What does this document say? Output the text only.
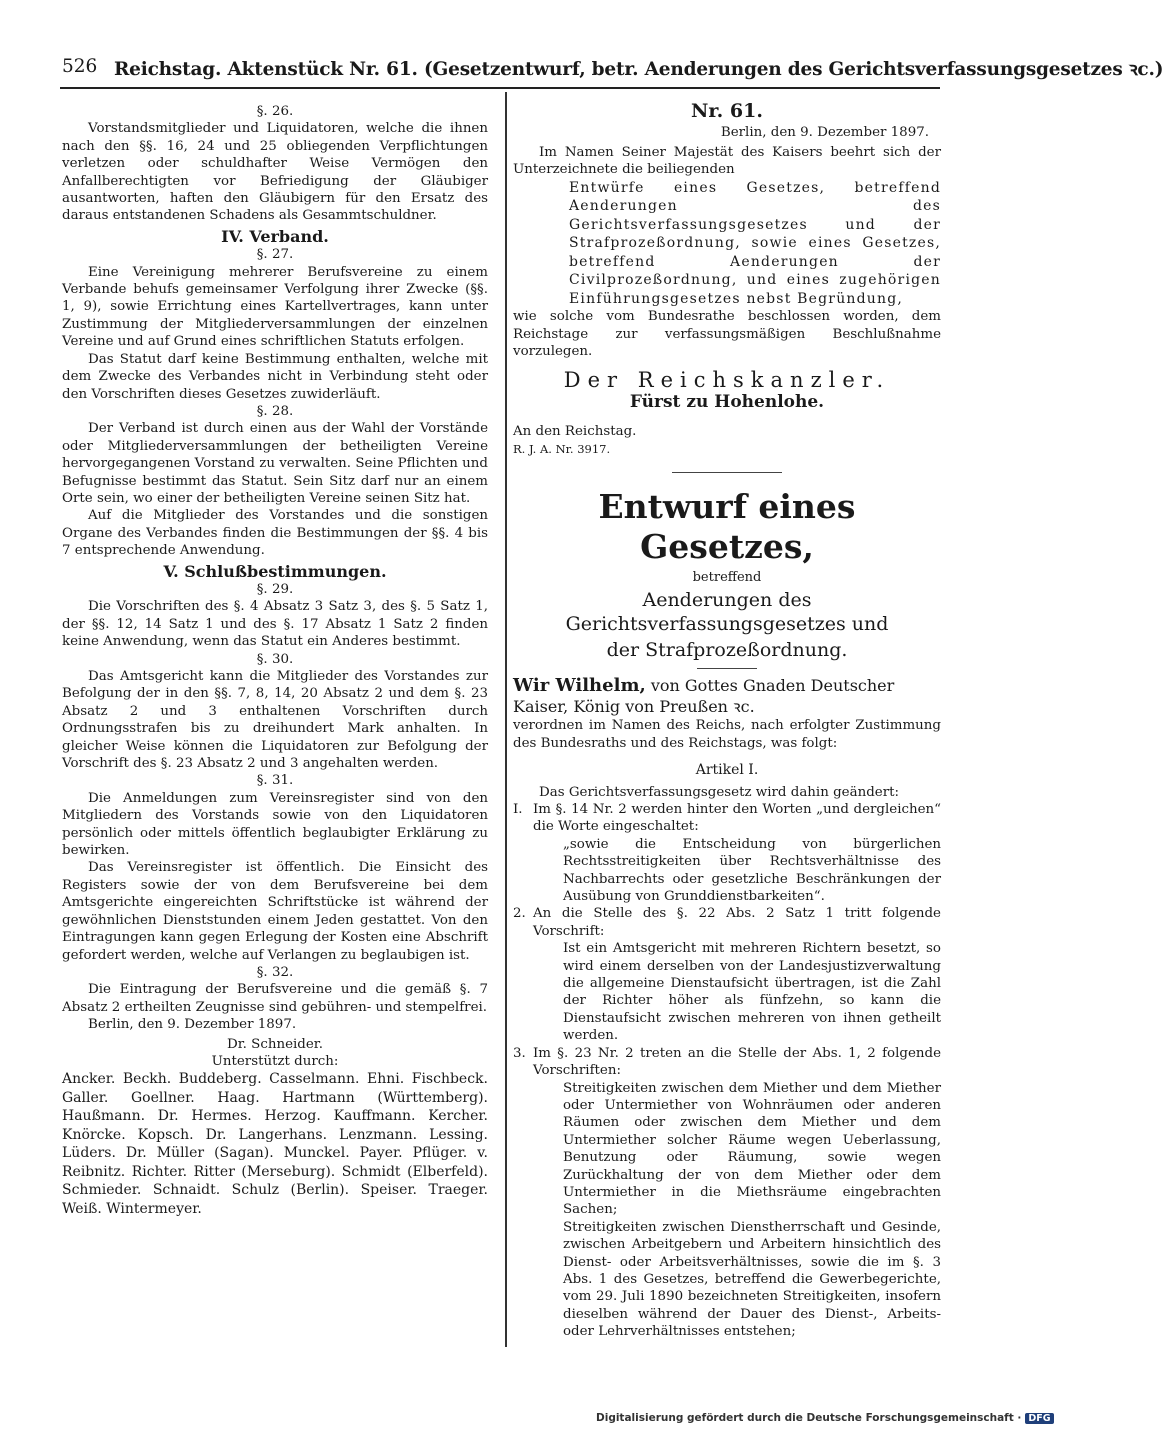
526 Reichstag. Aktenstück Nr. 61. (Gesetzentwurf, betr. Aenderungen des Gerichtsverfassungsgesetzes ꝛc.)

§. 26.

Vorstandsmitglieder und Liquidatoren, welche die ihnen nach den §§. 16, 24 und 25 obliegenden Verpflichtungen verletzen oder schuldhafter Weise Vermögen den Anfallberechtigten vor Befriedigung der Gläubiger ausantworten, haften den Gläubigern für den Ersatz des daraus entstandenen Schadens als Gesammtschuldner.

IV. Verband.

§. 27.

Eine Vereinigung mehrerer Berufsvereine zu einem Verbande behufs gemeinsamer Verfolgung ihrer Zwecke (§§. 1, 9), sowie Errichtung eines Kartellvertrages, kann unter Zustimmung der Mitgliederversammlungen der einzelnen Vereine und auf Grund eines schriftlichen Statuts erfolgen.

Das Statut darf keine Bestimmung enthalten, welche mit dem Zwecke des Verbandes nicht in Verbindung steht oder den Vorschriften dieses Gesetzes zuwiderläuft.

§. 28.

Der Verband ist durch einen aus der Wahl der Vorstände oder Mitgliederversammlungen der betheiligten Vereine hervorgegangenen Vorstand zu verwalten. Seine Pflichten und Befugnisse bestimmt das Statut. Sein Sitz darf nur an einem Orte sein, wo einer der betheiligten Vereine seinen Sitz hat.

Auf die Mitglieder des Vorstandes und die sonstigen Organe des Verbandes finden die Bestimmungen der §§. 4 bis 7 entsprechende Anwendung.

V. Schlußbestimmungen.

§. 29.

Die Vorschriften des §. 4 Absatz 3 Satz 3, des §. 5 Satz 1, der §§. 12, 14 Satz 1 und des §. 17 Absatz 1 Satz 2 finden keine Anwendung, wenn das Statut ein Anderes bestimmt.

§. 30.

Das Amtsgericht kann die Mitglieder des Vorstandes zur Befolgung der in den §§. 7, 8, 14, 20 Absatz 2 und dem §. 23 Absatz 2 und 3 enthaltenen Vorschriften durch Ordnungsstrafen bis zu dreihundert Mark anhalten. In gleicher Weise können die Liquidatoren zur Befolgung der Vorschrift des §. 23 Absatz 2 und 3 angehalten werden.

§. 31.

Die Anmeldungen zum Vereinsregister sind von den Mitgliedern des Vorstands sowie von den Liquidatoren persönlich oder mittels öffentlich beglaubigter Erklärung zu bewirken.

Das Vereinsregister ist öffentlich. Die Einsicht des Registers sowie der von dem Berufsvereine bei dem Amtsgerichte eingereichten Schriftstücke ist während der gewöhnlichen Dienststunden einem Jeden gestattet. Von den Eintragungen kann gegen Erlegung der Kosten eine Abschrift gefordert werden, welche auf Verlangen zu beglaubigen ist.

§. 32.

Die Eintragung der Berufsvereine und die gemäß §. 7 Absatz 2 ertheilten Zeugnisse sind gebühren- und stempelfrei.

Berlin, den 9. Dezember 1897.

Dr. Schneider.

Unterstützt durch:

Ancker. Beckh. Buddeberg. Casselmann. Ehni. Fischbeck. Galler. Goellner. Haag. Hartmann (Württemberg). Haußmann. Dr. Hermes. Herzog. Kauffmann. Kercher. Knörcke. Kopsch. Dr. Langerhans. Lenzmann. Lessing. Lüders. Dr. Müller (Sagan). Munckel. Payer. Pflüger. v. Reibnitz. Richter. Ritter (Merseburg). Schmidt (Elberfeld). Schmieder. Schnaidt. Schulz (Berlin). Speiser. Traeger. Weiß. Wintermeyer.

Nr. 61.

Berlin, den 9. Dezember 1897.

Im Namen Seiner Majestät des Kaisers beehrt sich der Unterzeichnete die beiliegenden

Entwürfe eines Gesetzes, betreffend Aenderungen des Gerichtsverfassungsgesetzes und der Strafprozeßordnung, sowie eines Gesetzes, betreffend Aenderungen der Civilprozeßordnung, und eines zugehörigen Einführungsgesetzes nebst Begründung,

wie solche vom Bundesrathe beschlossen worden, dem Reichstage zur verfassungsmäßigen Beschlußnahme vorzulegen.

Der Reichskanzler.

Fürst zu Hohenlohe.

An den Reichstag.

R. J. A. Nr. 3917.

Entwurf eines Gesetzes,

betreffend

Aenderungen des Gerichtsverfassungsgesetzes und

der Strafprozeßordnung.

Wir Wilhelm, von Gottes Gnaden Deutscher Kaiser, König von Preußen ꝛc.

verordnen im Namen des Reichs, nach erfolgter Zustimmung des Bundesraths und des Reichstags, was folgt:

Artikel I.

Das Gerichtsverfassungsgesetz wird dahin geändert:

I. Im §. 14 Nr. 2 werden hinter den Worten „und dergleichen“ die Worte eingeschaltet:

„sowie die Entscheidung von bürgerlichen Rechtsstreitigkeiten über Rechtsverhältnisse des Nachbarrechts oder gesetzliche Beschränkungen der Ausübung von Grunddienstbarkeiten“.

2. An die Stelle des §. 22 Abs. 2 Satz 1 tritt folgende Vorschrift:

Ist ein Amtsgericht mit mehreren Richtern besetzt, so wird einem derselben von der Landesjustizverwaltung die allgemeine Dienstaufsicht übertragen, ist die Zahl der Richter höher als fünfzehn, so kann die Dienstaufsicht zwischen mehreren von ihnen getheilt werden.

3. Im §. 23 Nr. 2 treten an die Stelle der Abs. 1, 2 folgende Vorschriften:

Streitigkeiten zwischen dem Miether und dem Miether oder Untermiether von Wohnräumen oder anderen Räumen oder zwischen dem Miether und dem Untermiether solcher Räume wegen Ueberlassung, Benutzung oder Räumung, sowie wegen Zurückhaltung der von dem Miether oder dem Untermiether in die Miethsräume eingebrachten Sachen;

Streitigkeiten zwischen Dienstherrschaft und Gesinde, zwischen Arbeitgebern und Arbeitern hinsichtlich des Dienst- oder Arbeitsverhältnisses, sowie die im §. 3 Abs. 1 des Gesetzes, betreffend die Gewerbegerichte, vom 29. Juli 1890 bezeichneten Streitigkeiten, insofern dieselben während der Dauer des Dienst-, Arbeits- oder Lehrverhältnisses entstehen;

Digitalisierung gefördert durch die Deutsche Forschungsgemeinschaft · DFG
